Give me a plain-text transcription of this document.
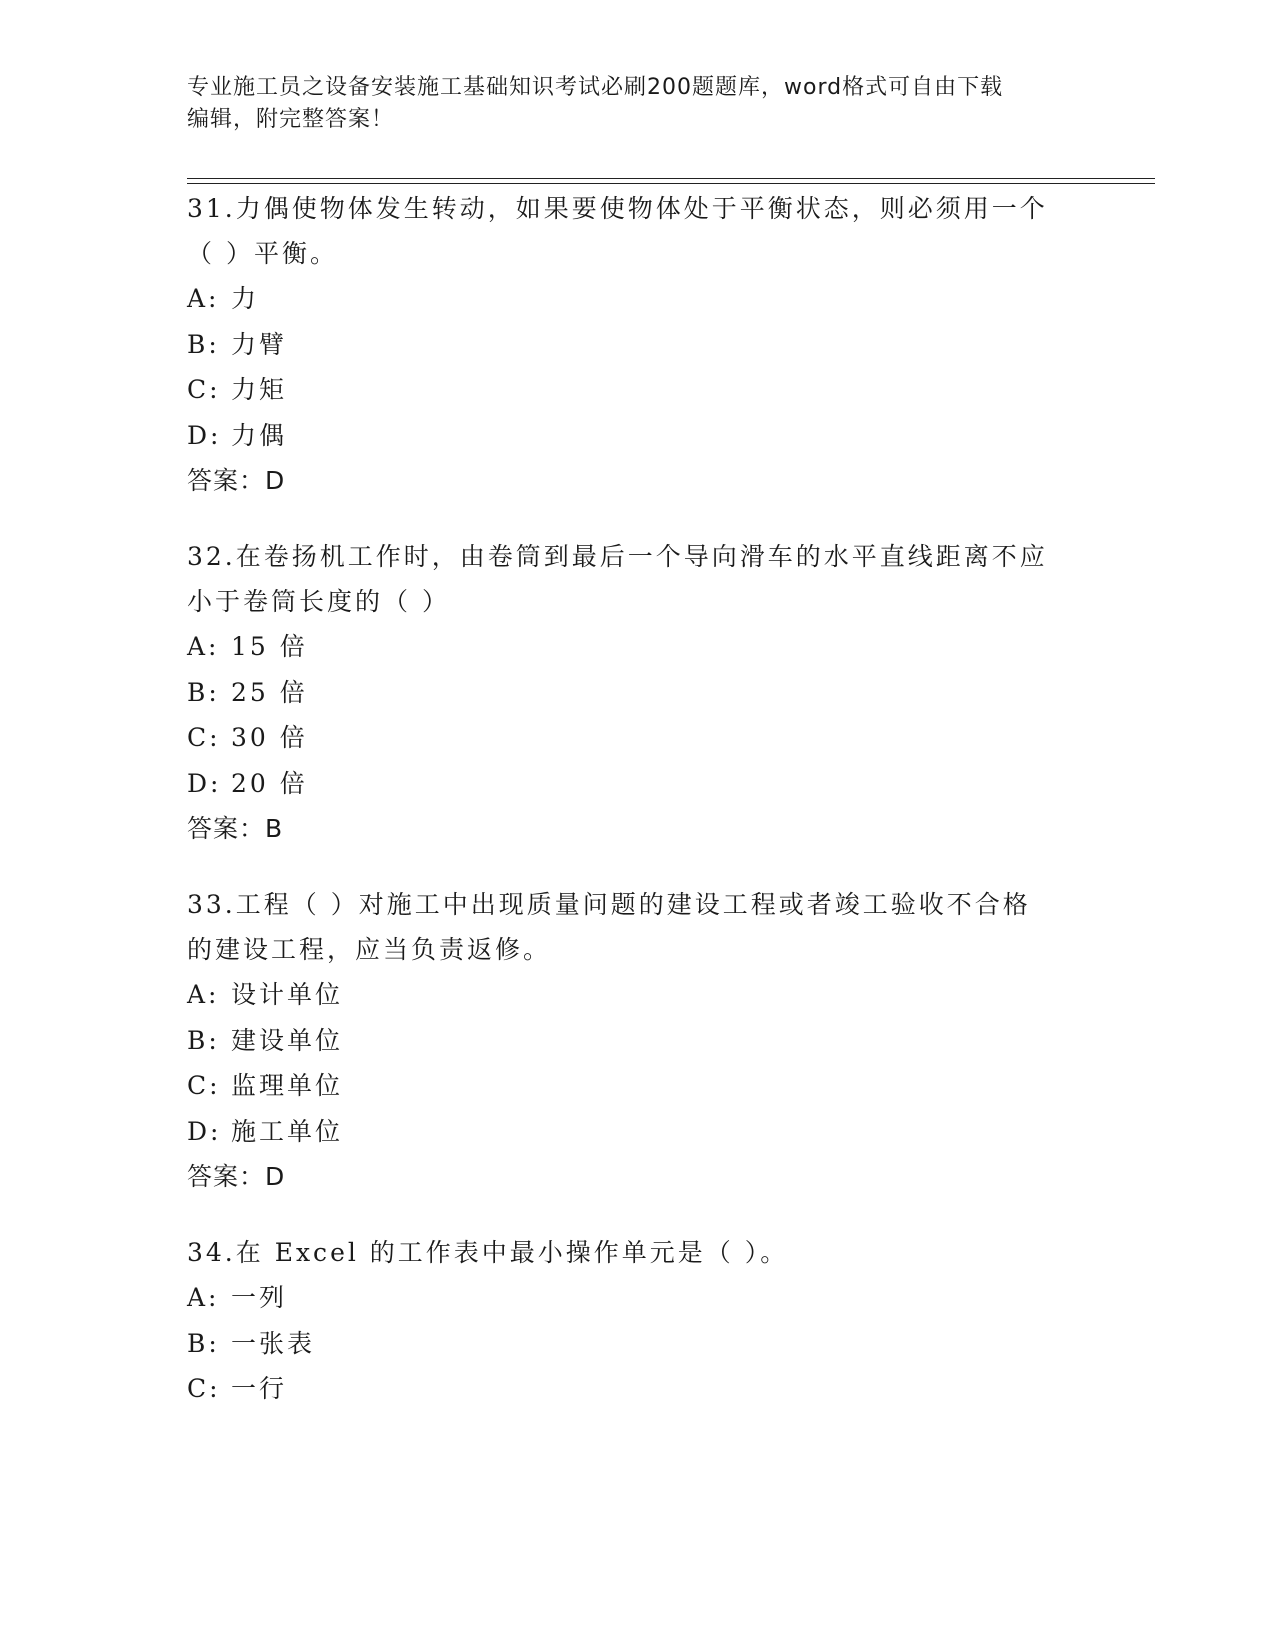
专业施工员之设备安装施工基础知识考试必刷200题题库，word格式可自由下载
编辑，附完整答案！

31.力偶使物体发生转动，如果要使物体处于平衡状态，则必须用一个

（ ）平衡。

A: 力

B: 力臂

C: 力矩

D: 力偶

答案：D

32.在卷扬机工作时，由卷筒到最后一个导向滑车的水平直线距离不应

小于卷筒长度的（ ）

A: 15 倍

B: 25 倍

C: 30 倍

D: 20 倍

答案：B

33.工程（ ）对施工中出现质量问题的建设工程或者竣工验收不合格

的建设工程，应当负责返修。

A: 设计单位

B: 建设单位

C: 监理单位

D: 施工单位

答案：D

34.在 Excel 的工作表中最小操作单元是（ ）。

A: 一列

B: 一张表

C: 一行
